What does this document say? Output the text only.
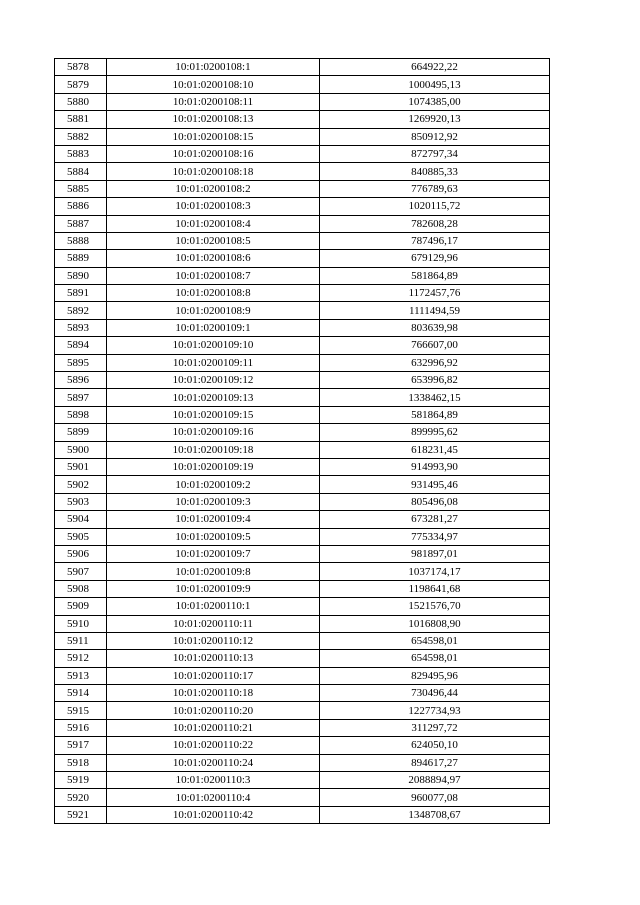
5878	10:01:0200108:1	664922,22
5879	10:01:0200108:10	1000495,13
5880	10:01:0200108:11	1074385,00
5881	10:01:0200108:13	1269920,13
5882	10:01:0200108:15	850912,92
5883	10:01:0200108:16	872797,34
5884	10:01:0200108:18	840885,33
5885	10:01:0200108:2	776789,63
5886	10:01:0200108:3	1020115,72
5887	10:01:0200108:4	782608,28
5888	10:01:0200108:5	787496,17
5889	10:01:0200108:6	679129,96
5890	10:01:0200108:7	581864,89
5891	10:01:0200108:8	1172457,76
5892	10:01:0200108:9	1111494,59
5893	10:01:0200109:1	803639,98
5894	10:01:0200109:10	766607,00
5895	10:01:0200109:11	632996,92
5896	10:01:0200109:12	653996,82
5897	10:01:0200109:13	1338462,15
5898	10:01:0200109:15	581864,89
5899	10:01:0200109:16	899995,62
5900	10:01:0200109:18	618231,45
5901	10:01:0200109:19	914993,90
5902	10:01:0200109:2	931495,46
5903	10:01:0200109:3	805496,08
5904	10:01:0200109:4	673281,27
5905	10:01:0200109:5	775334,97
5906	10:01:0200109:7	981897,01
5907	10:01:0200109:8	1037174,17
5908	10:01:0200109:9	1198641,68
5909	10:01:0200110:1	1521576,70
5910	10:01:0200110:11	1016808,90
5911	10:01:0200110:12	654598,01
5912	10:01:0200110:13	654598,01
5913	10:01:0200110:17	829495,96
5914	10:01:0200110:18	730496,44
5915	10:01:0200110:20	1227734,93
5916	10:01:0200110:21	311297,72
5917	10:01:0200110:22	624050,10
5918	10:01:0200110:24	894617,27
5919	10:01:0200110:3	2088894,97
5920	10:01:0200110:4	960077,08
5921	10:01:0200110:42	1348708,67
